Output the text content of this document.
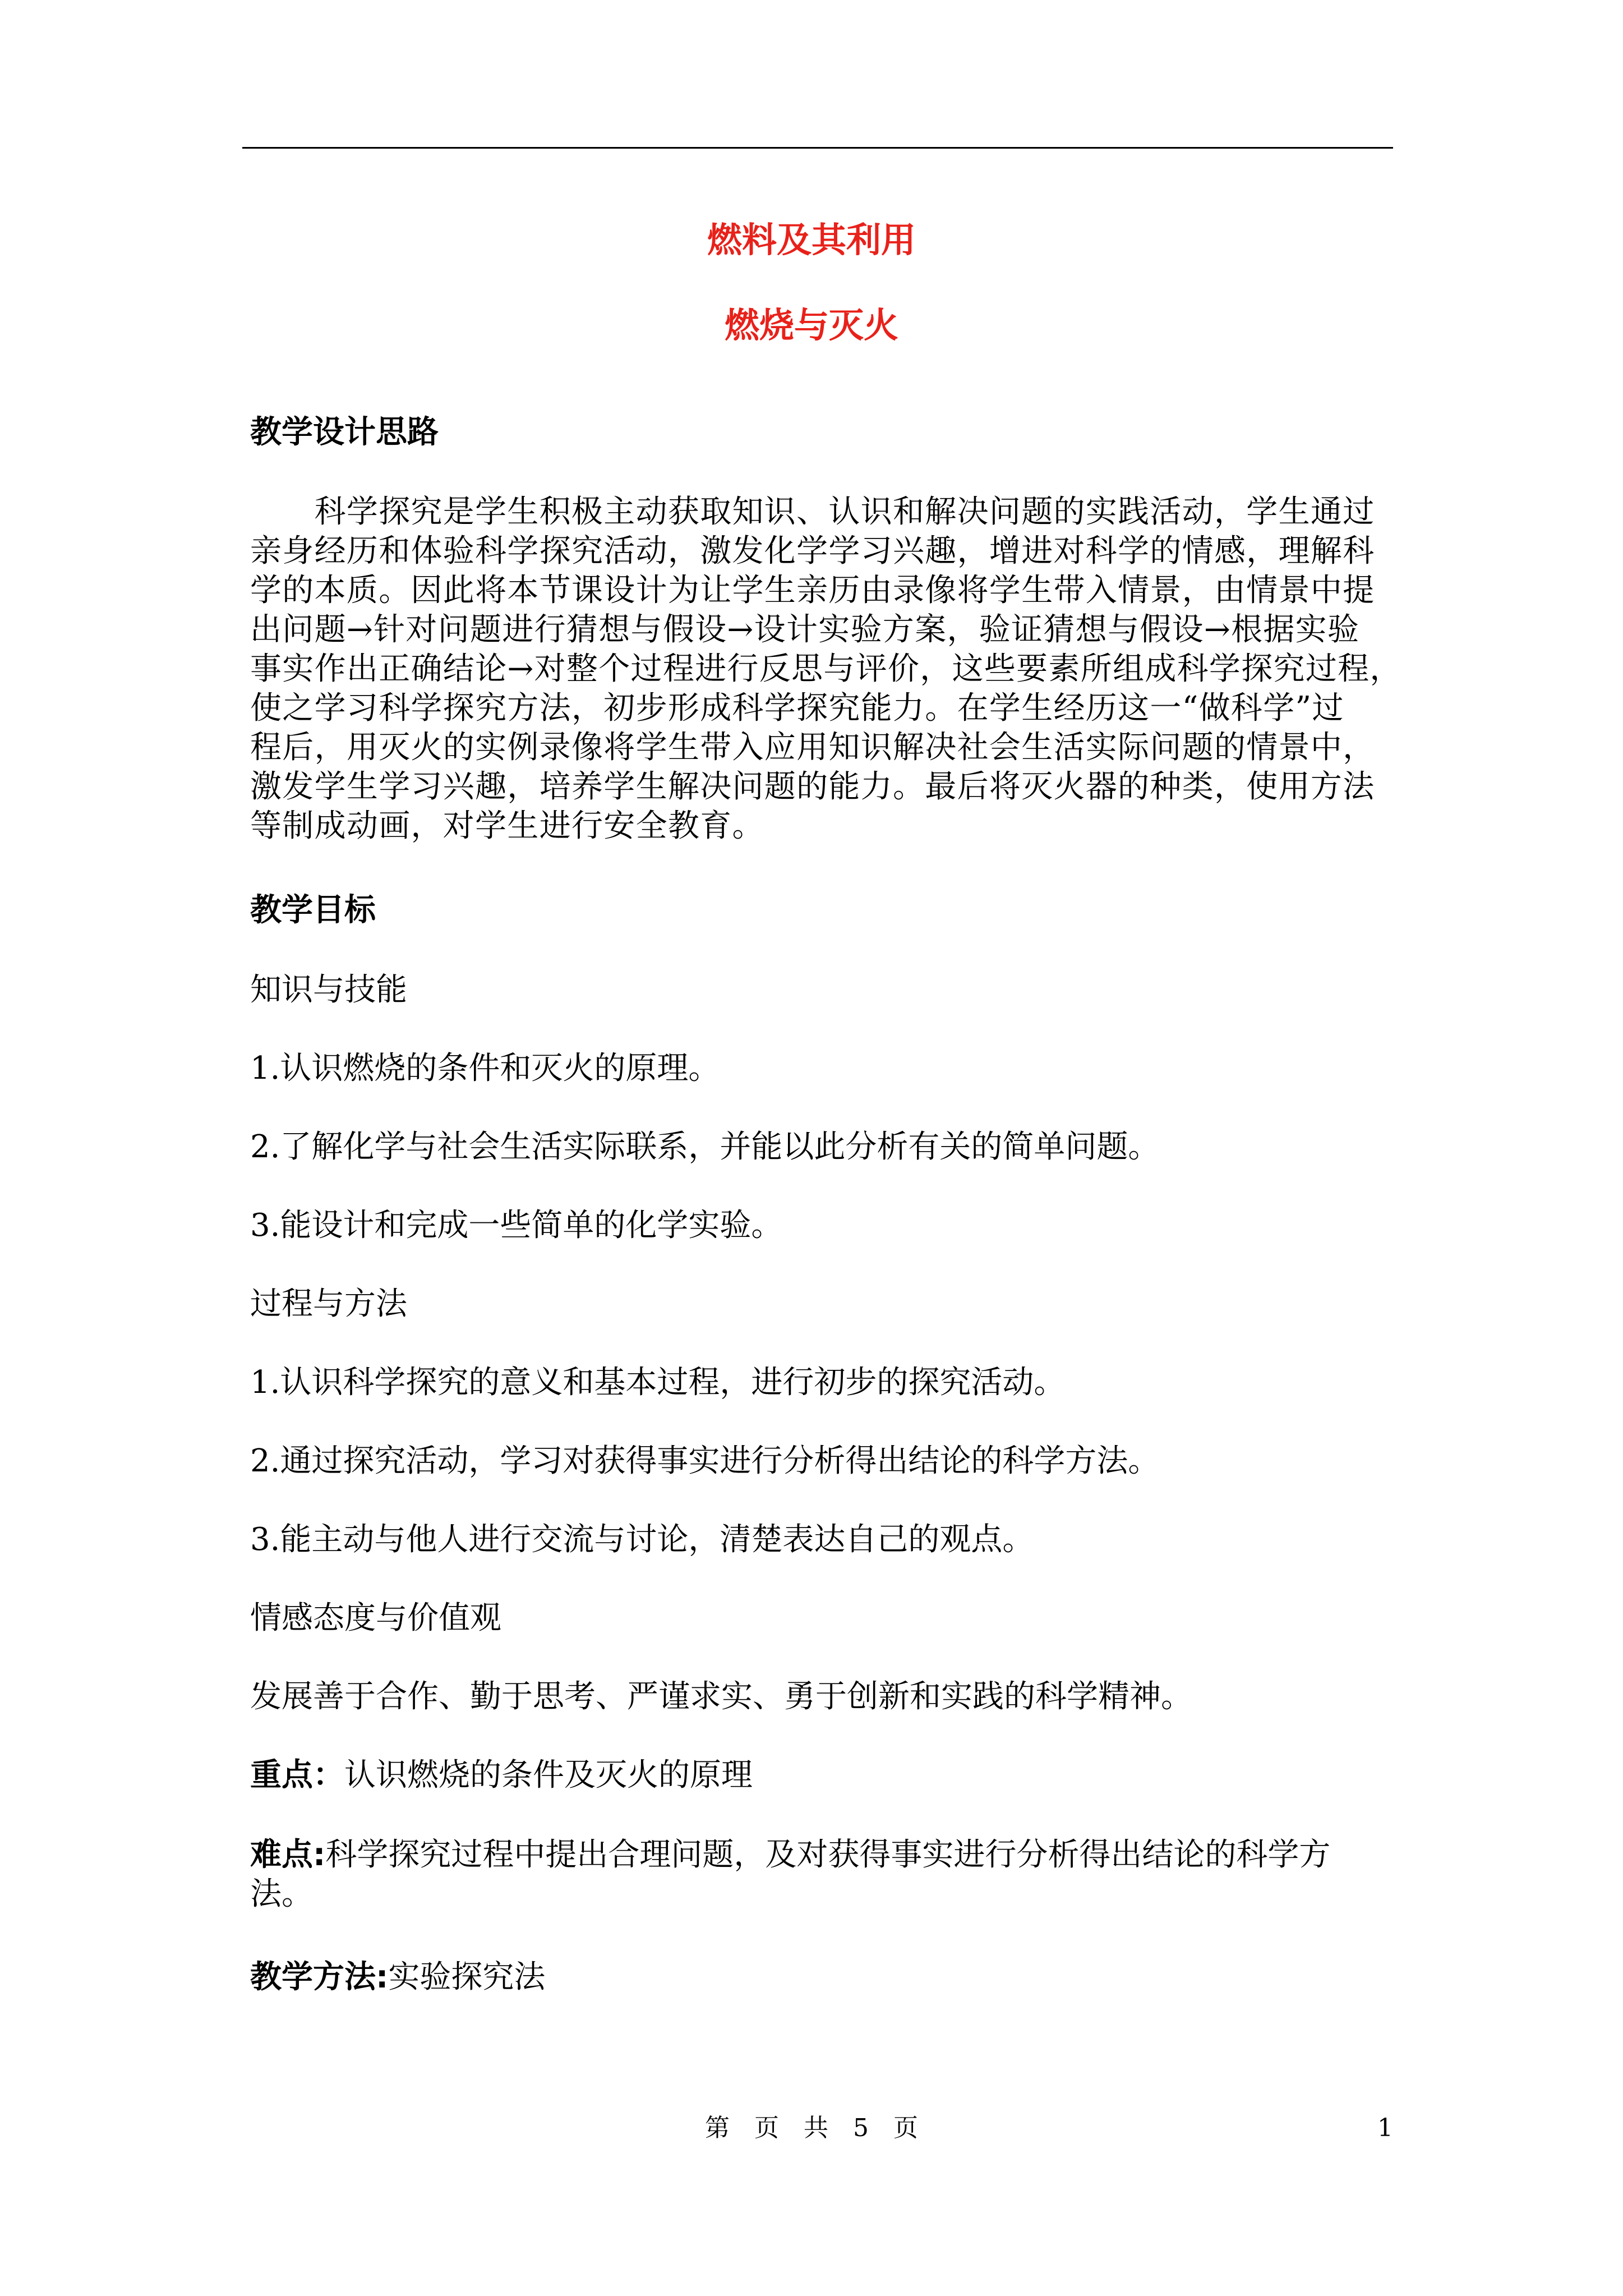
燃料及其利用
燃烧与灭火
教学设计思路
　　科学探究是学生积极主动获取知识、认识和解决问题的实践活动，学生通过
亲身经历和体验科学探究活动，激发化学学习兴趣，增进对科学的情感，理解科
学的本质。因此将本节课设计为让学生亲历由录像将学生带入情景，由情景中提
出问题→针对问题进行猜想与假设→设计实验方案，验证猜想与假设→根据实验
事实作出正确结论→对整个过程进行反思与评价，这些要素所组成科学探究过程，
使之学习科学探究方法，初步形成科学探究能力。在学生经历这一“做科学”过
程后，用灭火的实例录像将学生带入应用知识解决社会生活实际问题的情景中，
激发学生学习兴趣，培养学生解决问题的能力。最后将灭火器的种类，使用方法
等制成动画，对学生进行安全教育。
教学目标
知识与技能
1.认识燃烧的条件和灭火的原理。
2.了解化学与社会生活实际联系，并能以此分析有关的简单问题。
3.能设计和完成一些简单的化学实验。
过程与方法
1.认识科学探究的意义和基本过程，进行初步的探究活动。
2.通过探究活动，学习对获得事实进行分析得出结论的科学方法。
3.能主动与他人进行交流与讨论，清楚表达自己的观点。
情感态度与价值观
发展善于合作、勤于思考、严谨求实、勇于创新和实践的科学精神。
重点：认识燃烧的条件及灭火的原理
难点:科学探究过程中提出合理问题，及对获得事实进行分析得出结论的科学方
法。
教学方法:实验探究法
第 页 共 5 页	1
